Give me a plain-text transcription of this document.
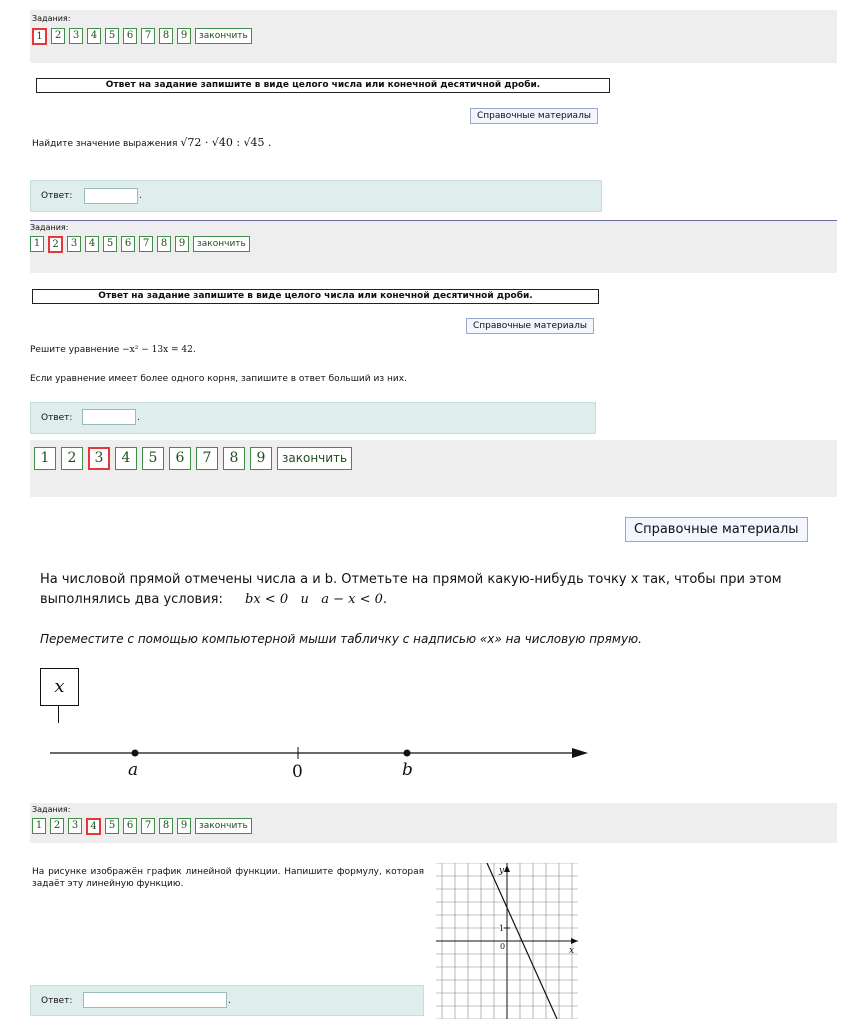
Задания:
1	2	3	4	5	6	7	8	9	закончить
Ответ на задание запишите в виде целого числа или конечной десятичной дроби.
Справочные материалы
Найдите значение выражения √72 · √40 : √45 .
Ответ:	.
Задания:
1	2	3	4	5	6	7	8	9	закончить
Ответ на задание запишите в виде целого числа или конечной десятичной дроби.
Справочные материалы
Решите уравнение −x² − 13x = 42.
Если уравнение имеет более одного корня, запишите в ответ больший из них.
Ответ:	.
1	2	3	4	5	6	7	8	9	закончить
Справочные материалы
На числовой прямой отмечены числа a и b. Отметьте на прямой какую-нибудь точку x так, чтобы при этом
выполнялись два условия: bx < 0   и   a − x < 0.
Переместите с помощью компьютерной мыши табличку с надписью «x» на числовую прямую.
x
a	0	b
Задания:
1	2	3	4	5	6	7	8	9	закончить
На рисунке изображён график линейной функции. Напишите формулу, которая задаёт эту линейную функцию.
Ответ:	.
y
x
1
0
